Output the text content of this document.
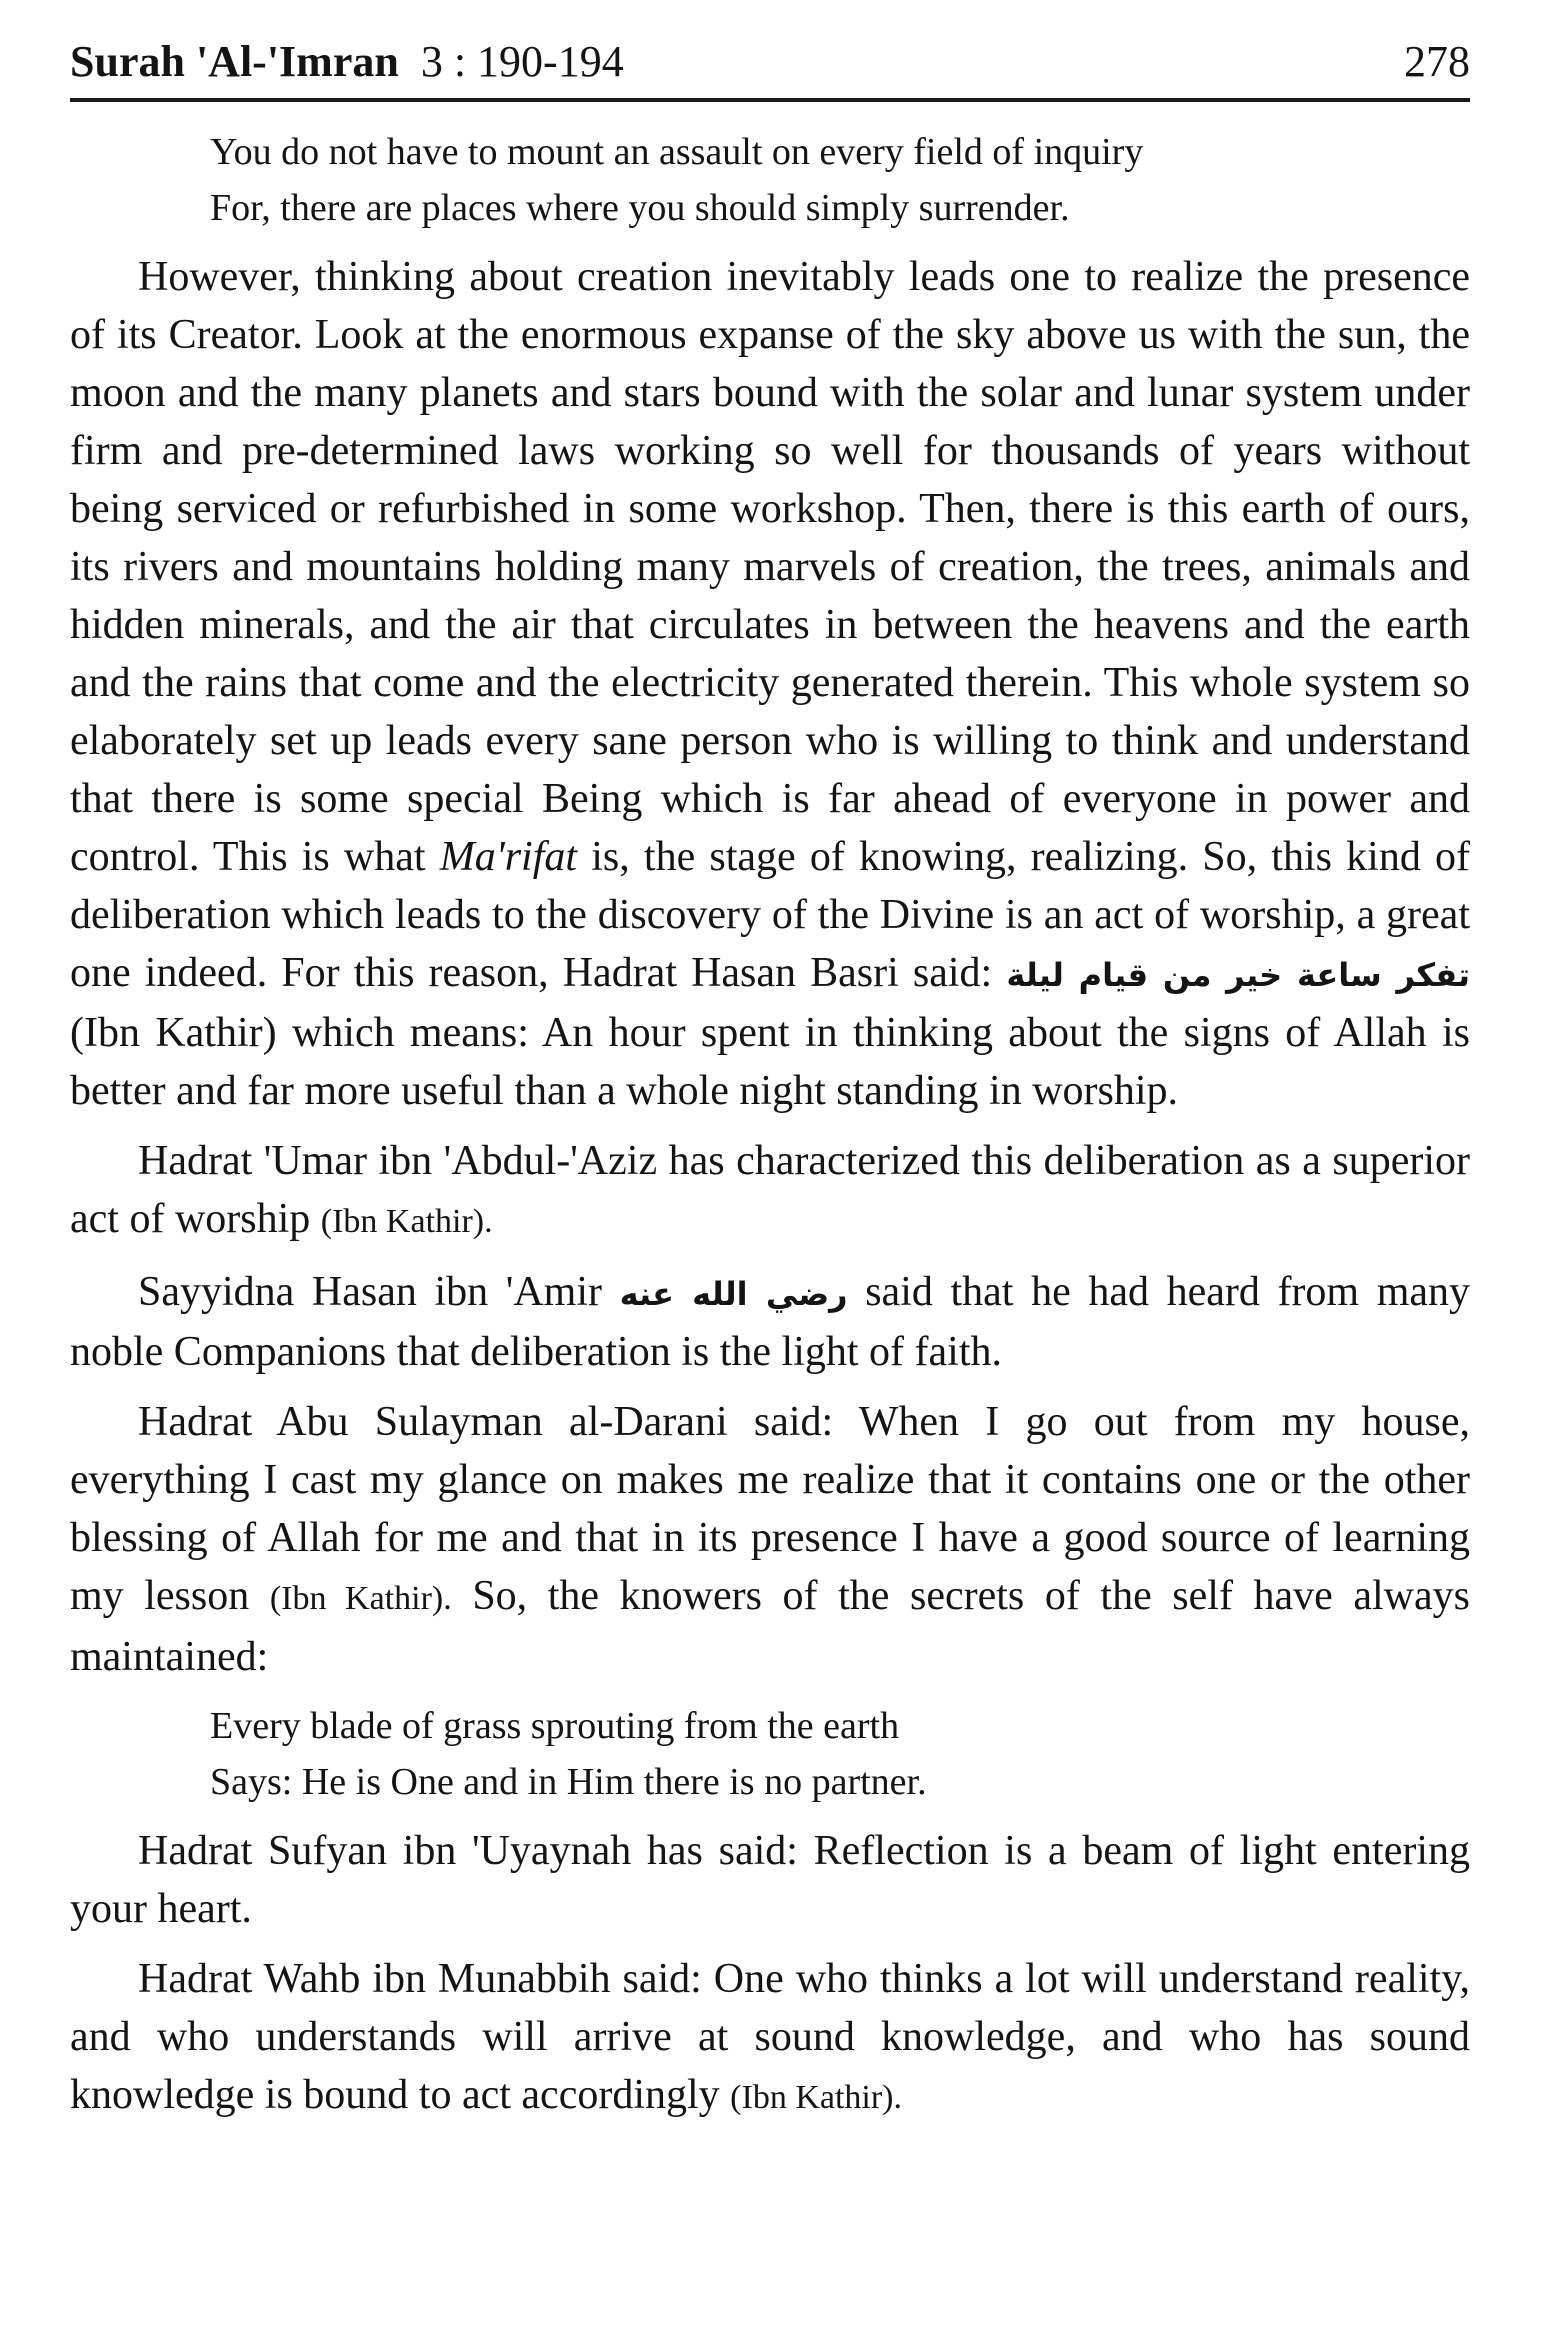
Surah 'Al-'Imran 3 : 190-194	278

You do not have to mount an assault on every field of inquiry

For, there are places where you should simply surrender.

However, thinking about creation inevitably leads one to realize the presence of its Creator. Look at the enormous expanse of the sky above us with the sun, the moon and the many planets and stars bound with the solar and lunar system under firm and pre-determined laws working so well for thousands of years without being serviced or refurbished in some workshop. Then, there is this earth of ours, its rivers and mountains holding many marvels of creation, the trees, animals and hidden minerals, and the air that circulates in between the heavens and the earth and the rains that come and the electricity generated therein. This whole system so elaborately set up leads every sane person who is willing to think and understand that there is some special Being which is far ahead of everyone in power and control. This is what Ma'rifat is, the stage of knowing, realizing. So, this kind of deliberation which leads to the discovery of the Divine is an act of worship, a great one indeed. For this reason, Hadrat Hasan Basri said: تفكر ساعة خير من قيام ليلة (Ibn Kathir) which means: An hour spent in thinking about the signs of Allah is better and far more useful than a whole night standing in worship.

Hadrat 'Umar ibn 'Abdul-'Aziz has characterized this deliberation as a superior act of worship (Ibn Kathir).

Sayyidna Hasan ibn 'Amir رضي الله عنه said that he had heard from many noble Companions that deliberation is the light of faith.

Hadrat Abu Sulayman al-Darani said: When I go out from my house, everything I cast my glance on makes me realize that it contains one or the other blessing of Allah for me and that in its presence I have a good source of learning my lesson (Ibn Kathir). So, the knowers of the secrets of the self have always maintained:

Every blade of grass sprouting from the earth

Says: He is One and in Him there is no partner.

Hadrat Sufyan ibn 'Uyaynah has said: Reflection is a beam of light entering your heart.

Hadrat Wahb ibn Munabbih said: One who thinks a lot will understand reality, and who understands will arrive at sound knowledge, and who has sound knowledge is bound to act accordingly (Ibn Kathir).
